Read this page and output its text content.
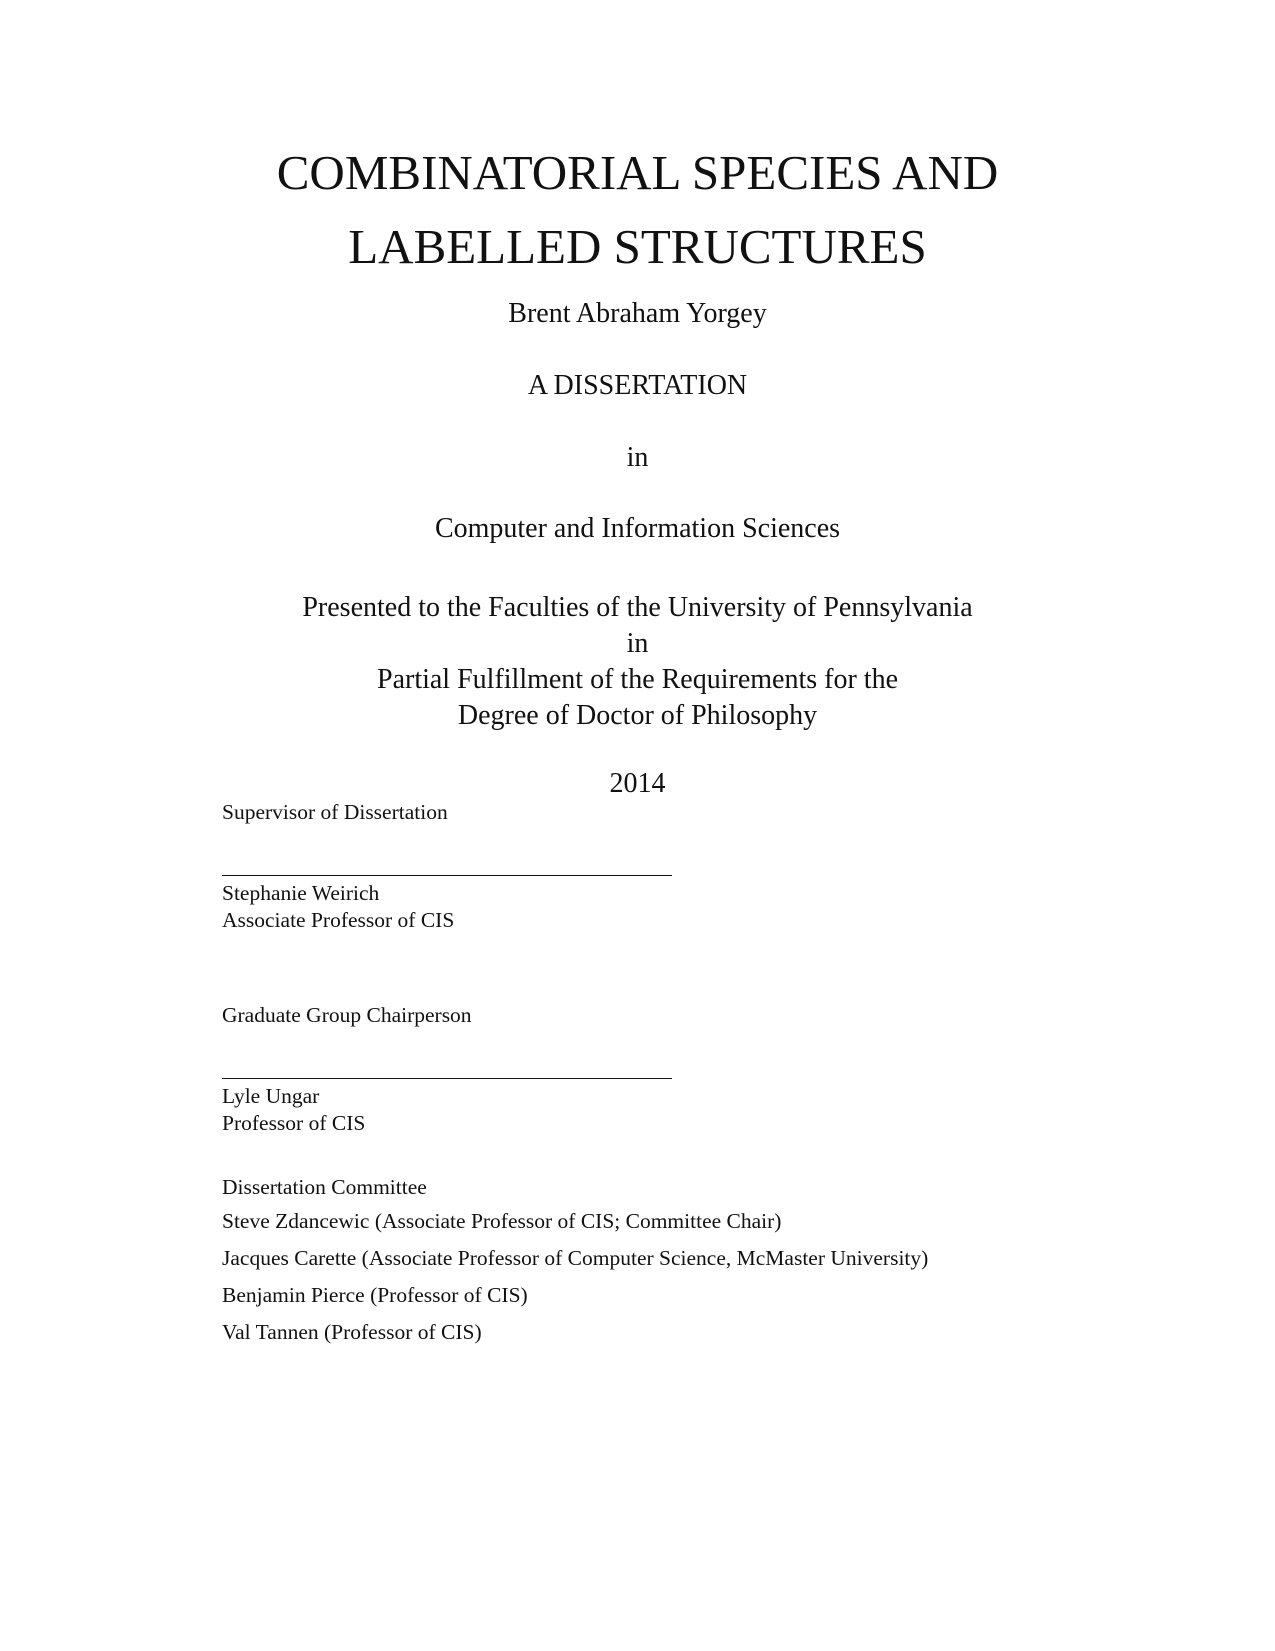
COMBINATORIAL SPECIES AND
LABELLED STRUCTURES
Brent Abraham Yorgey
A DISSERTATION
in
Computer and Information Sciences
Presented to the Faculties of the University of Pennsylvania
in
Partial Fulfillment of the Requirements for the
Degree of Doctor of Philosophy
2014
Supervisor of Dissertation
Stephanie Weirich
Associate Professor of CIS
Graduate Group Chairperson
Lyle Ungar
Professor of CIS
Dissertation Committee
Steve Zdancewic (Associate Professor of CIS; Committee Chair)
Jacques Carette (Associate Professor of Computer Science, McMaster University)
Benjamin Pierce (Professor of CIS)
Val Tannen (Professor of CIS)
